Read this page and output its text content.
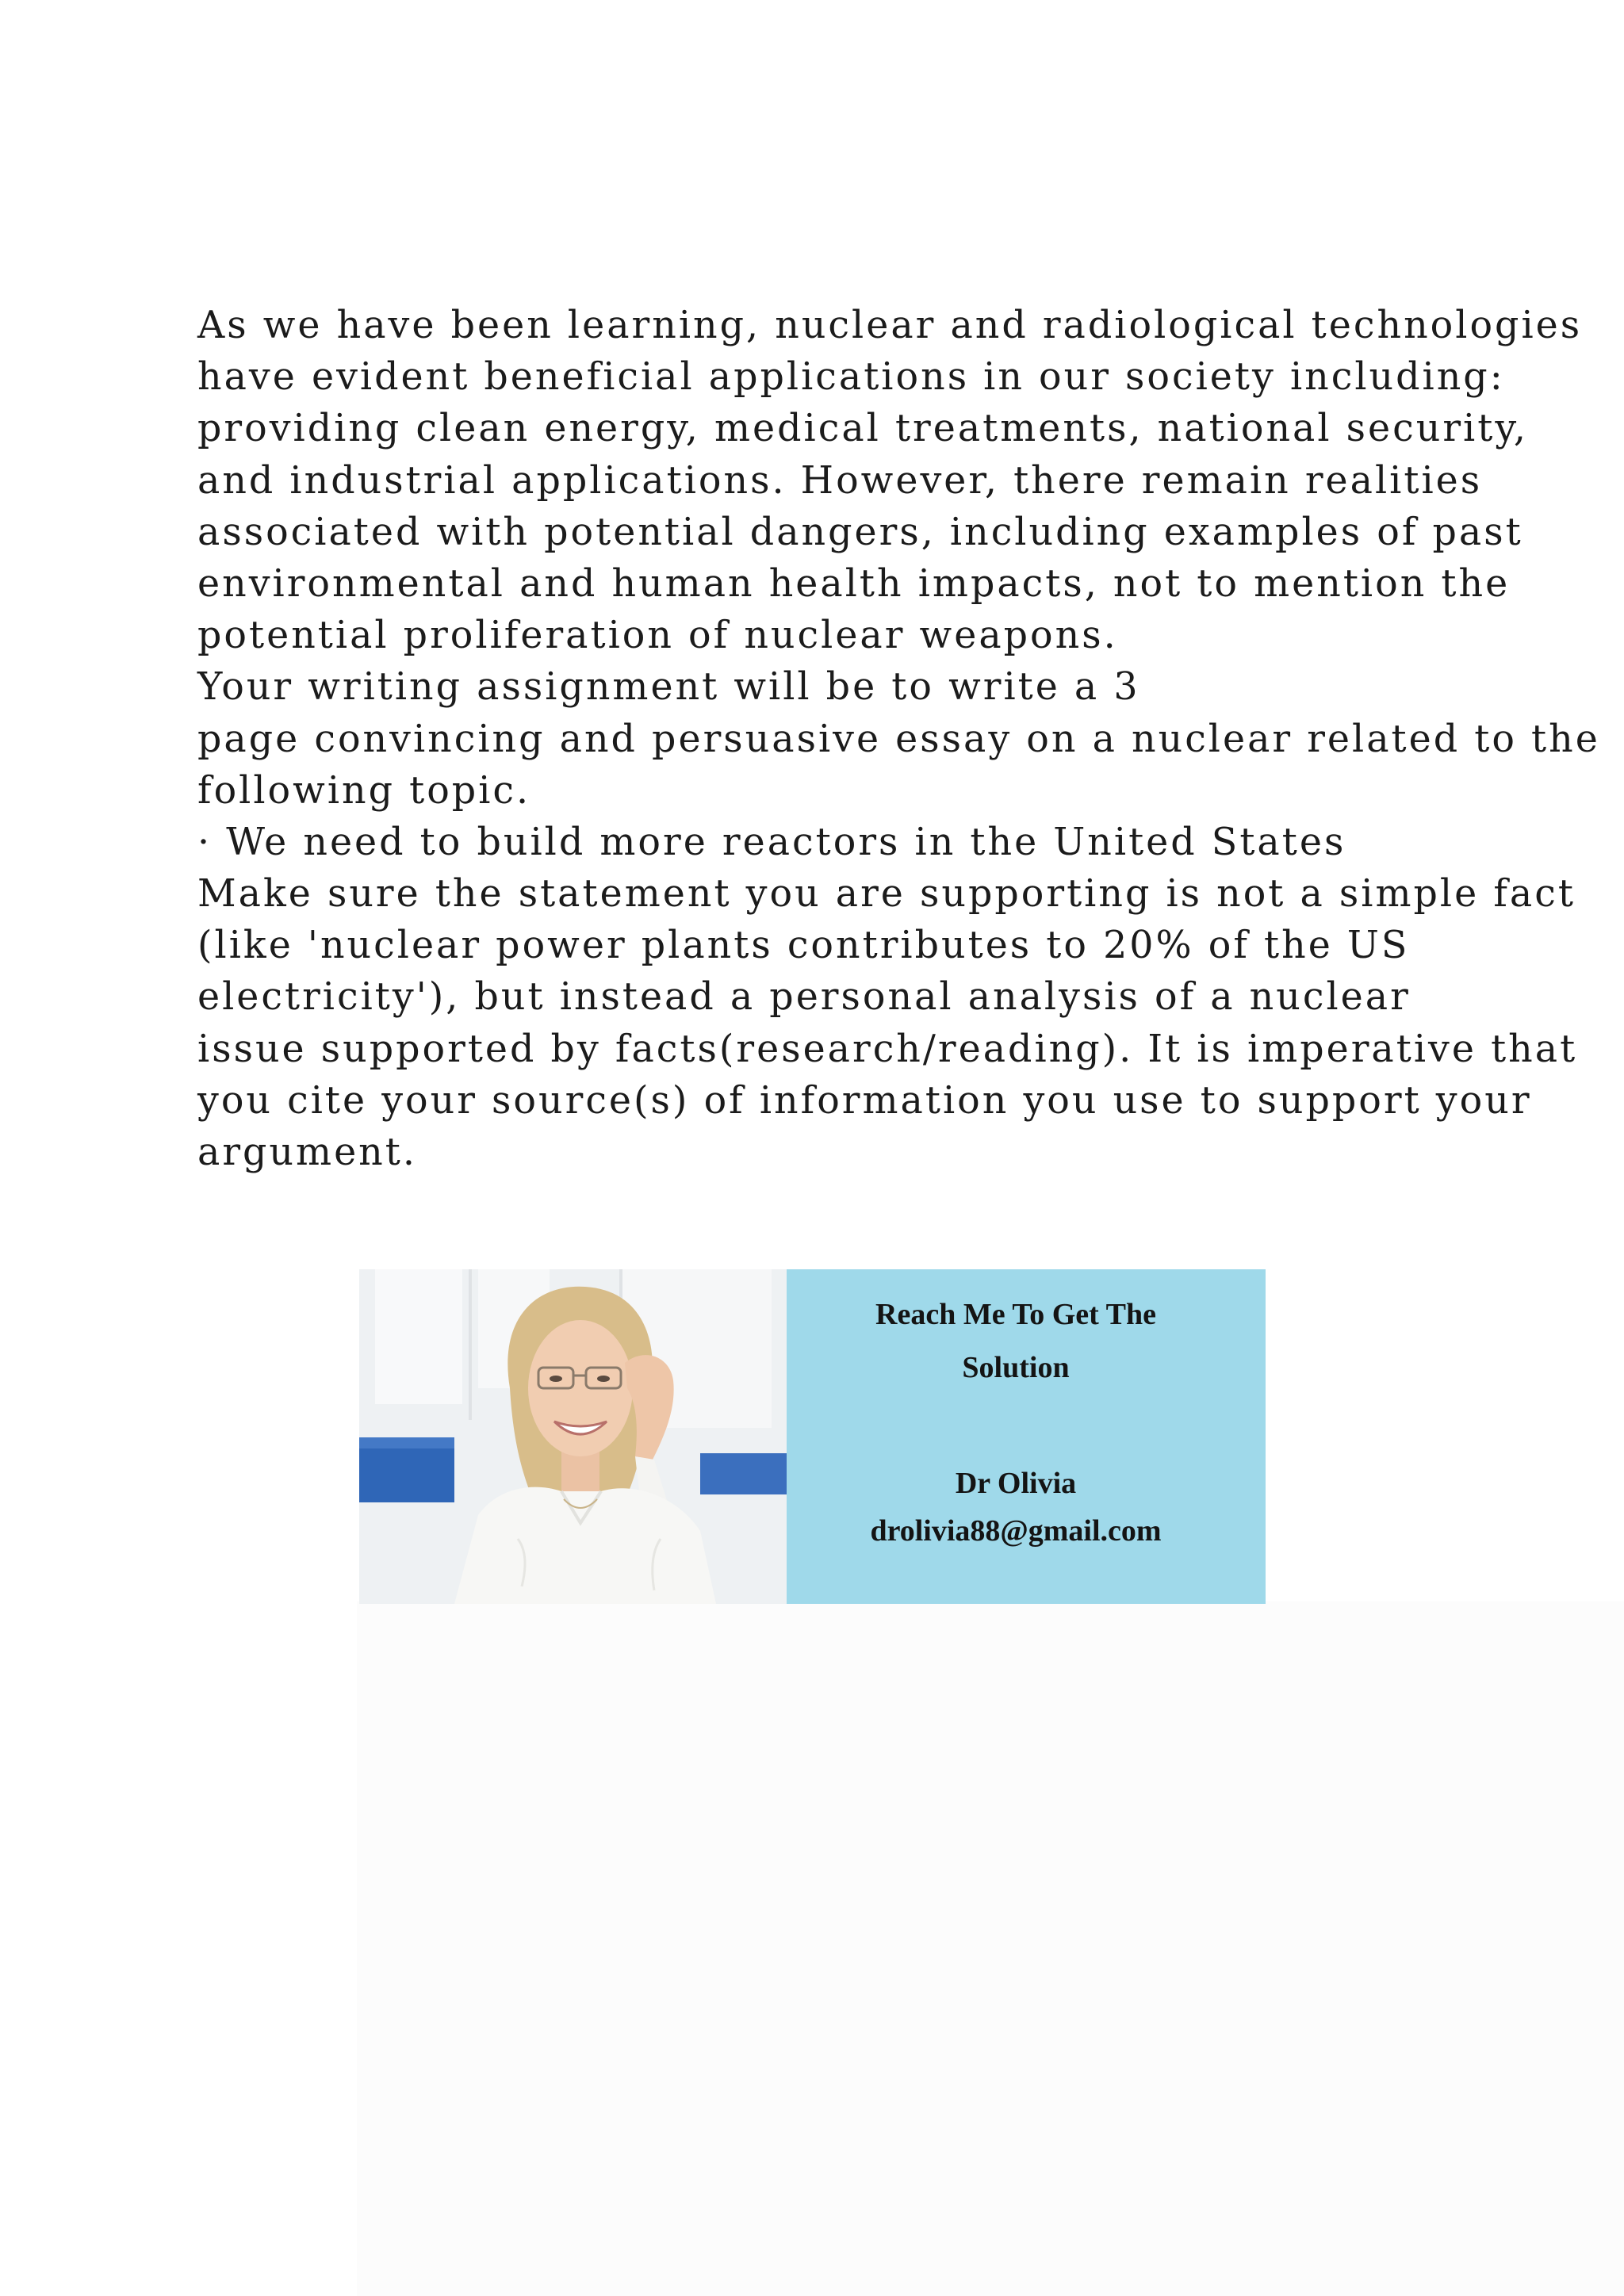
As we have been learning, nuclear and radiological technologies
have evident beneficial applications in our society including:
providing clean energy, medical treatments, national security,
and industrial applications. However, there remain realities
associated with potential dangers, including examples of past
environmental and human health impacts, not to mention the
potential proliferation of nuclear weapons.
Your writing assignment will be to write a 3
page convincing and persuasive essay on a nuclear related to the
following topic.
· We need to build more reactors in the United States
Make sure the statement you are supporting is not a simple fact
(like 'nuclear power plants contributes to 20% of the US
electricity'), but instead a personal analysis of a nuclear
issue supported by facts(research/reading). It is imperative that
you cite your source(s) of information you use to support your
argument.
Reach Me To Get The
Solution
Dr Olivia
drolivia88@gmail.com
